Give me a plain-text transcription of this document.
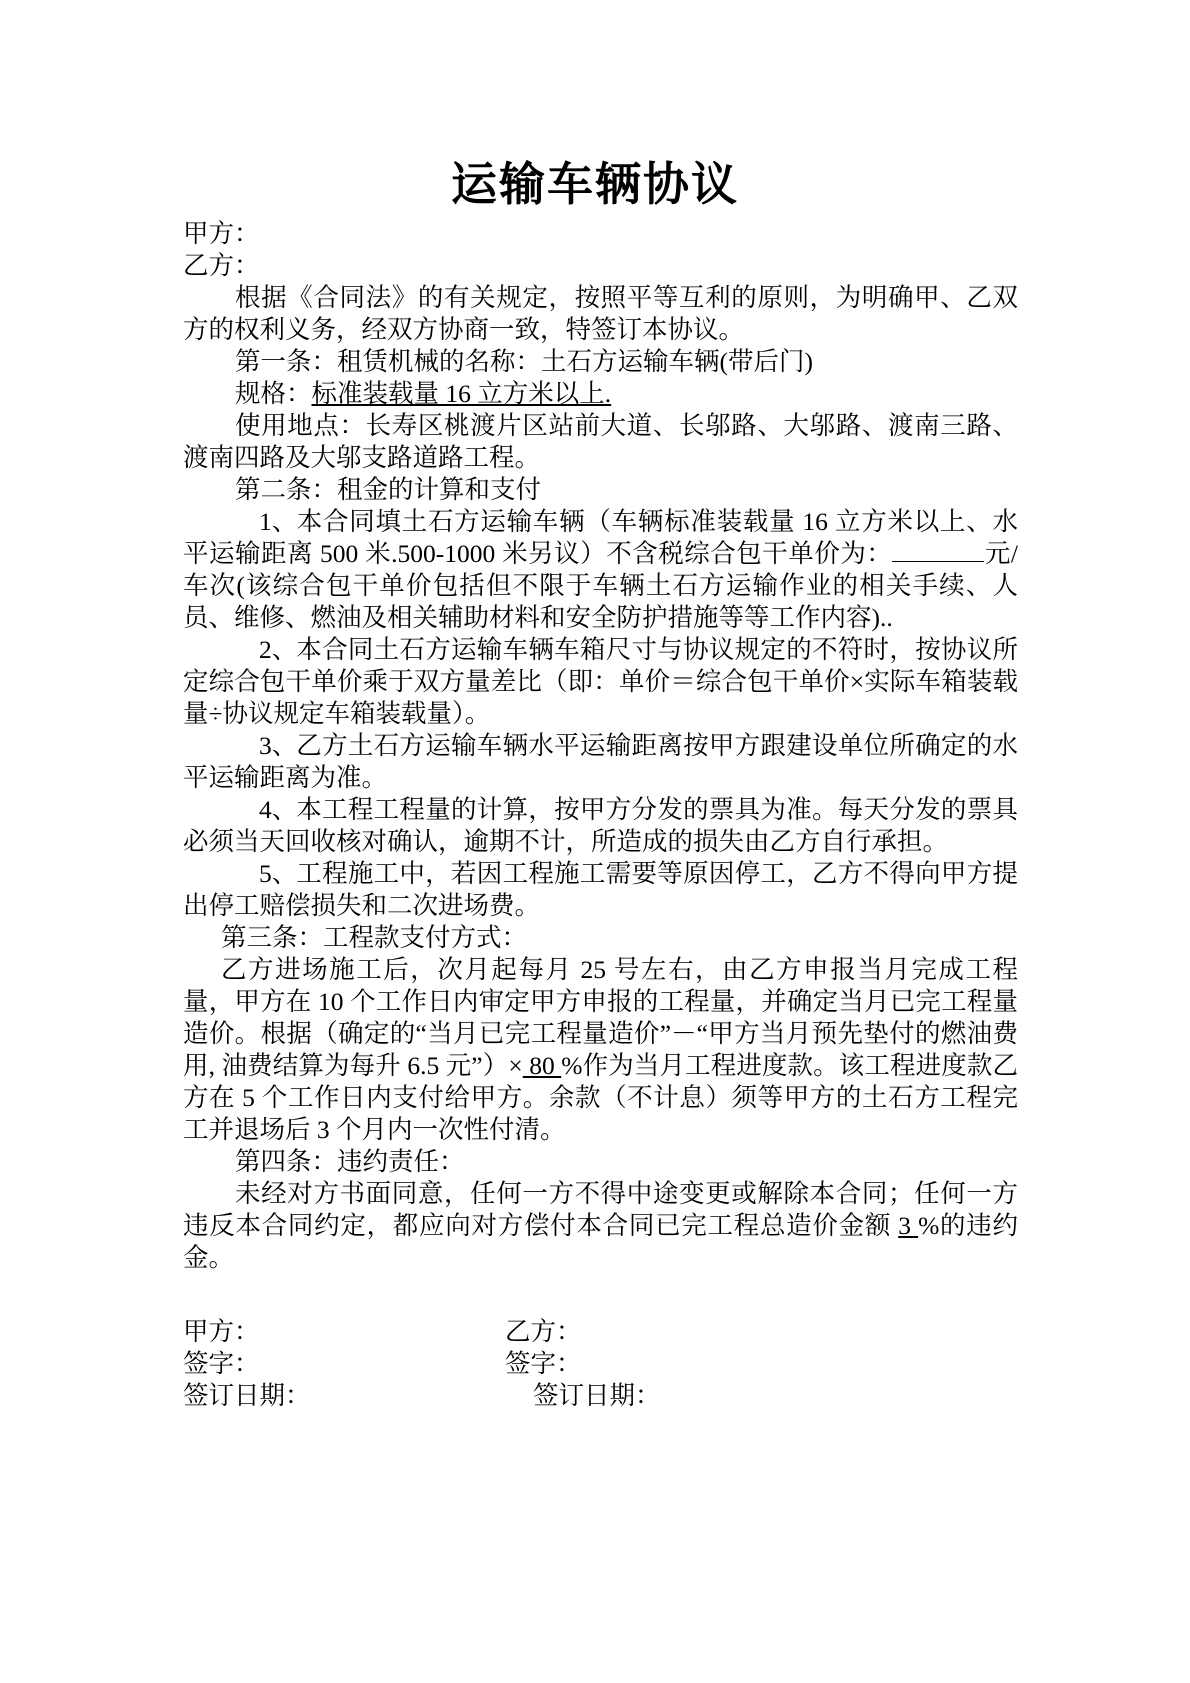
运输车辆协议

甲方：

乙方：

根据《合同法》的有关规定，按照平等互利的原则，为明确甲、乙双方的权利义务，经双方协商一致，特签订本协议。

第一条：租赁机械的名称：土石方运输车辆(带后门)

规格：标准装载量 16 立方米以上.

使用地点：长寿区桃渡片区站前大道、长邬路、大邬路、渡南三路、渡南四路及大邬支路道路工程。

第二条：租金的计算和支付

1、本合同填土石方运输车辆（车辆标准装载量 16 立方米以上、水平运输距离 500 米.500-1000 米另议）不含税综合包干单价为：	元/车次(该综合包干单价包括但不限于车辆土石方运输作业的相关手续、人员、维修、燃油及相关辅助材料和安全防护措施等等工作内容)..

2、本合同土石方运输车辆车箱尺寸与协议规定的不符时，按协议所定综合包干单价乘于双方量差比（即：单价＝综合包干单价×实际车箱装载量÷协议规定车箱装载量）。

3、乙方土石方运输车辆水平运输距离按甲方跟建设单位所确定的水平运输距离为准。

4、本工程工程量的计算，按甲方分发的票具为准。每天分发的票具必须当天回收核对确认，逾期不计，所造成的损失由乙方自行承担。

5、工程施工中，若因工程施工需要等原因停工，乙方不得向甲方提出停工赔偿损失和二次进场费。

第三条：工程款支付方式：

乙方进场施工后，次月起每月 25 号左右，由乙方申报当月完成工程量，甲方在 10 个工作日内审定甲方申报的工程量，并确定当月已完工程量造价。根据（确定的“当月已完工程量造价”－“甲方当月预先垫付的燃油费用, 油费结算为每升 6.5 元”）× 80 %作为当月工程进度款。该工程进度款乙方在 5 个工作日内支付给甲方。余款（不计息）须等甲方的土石方工程完工并退场后 3 个月内一次性付清。

第四条：违约责任：

未经对方书面同意，任何一方不得中途变更或解除本合同；任何一方违反本合同约定，都应向对方偿付本合同已完工程总造价金额 3 %的违约金。

甲方：	乙方：
签字：	签字：
签订日期：	签订日期：
